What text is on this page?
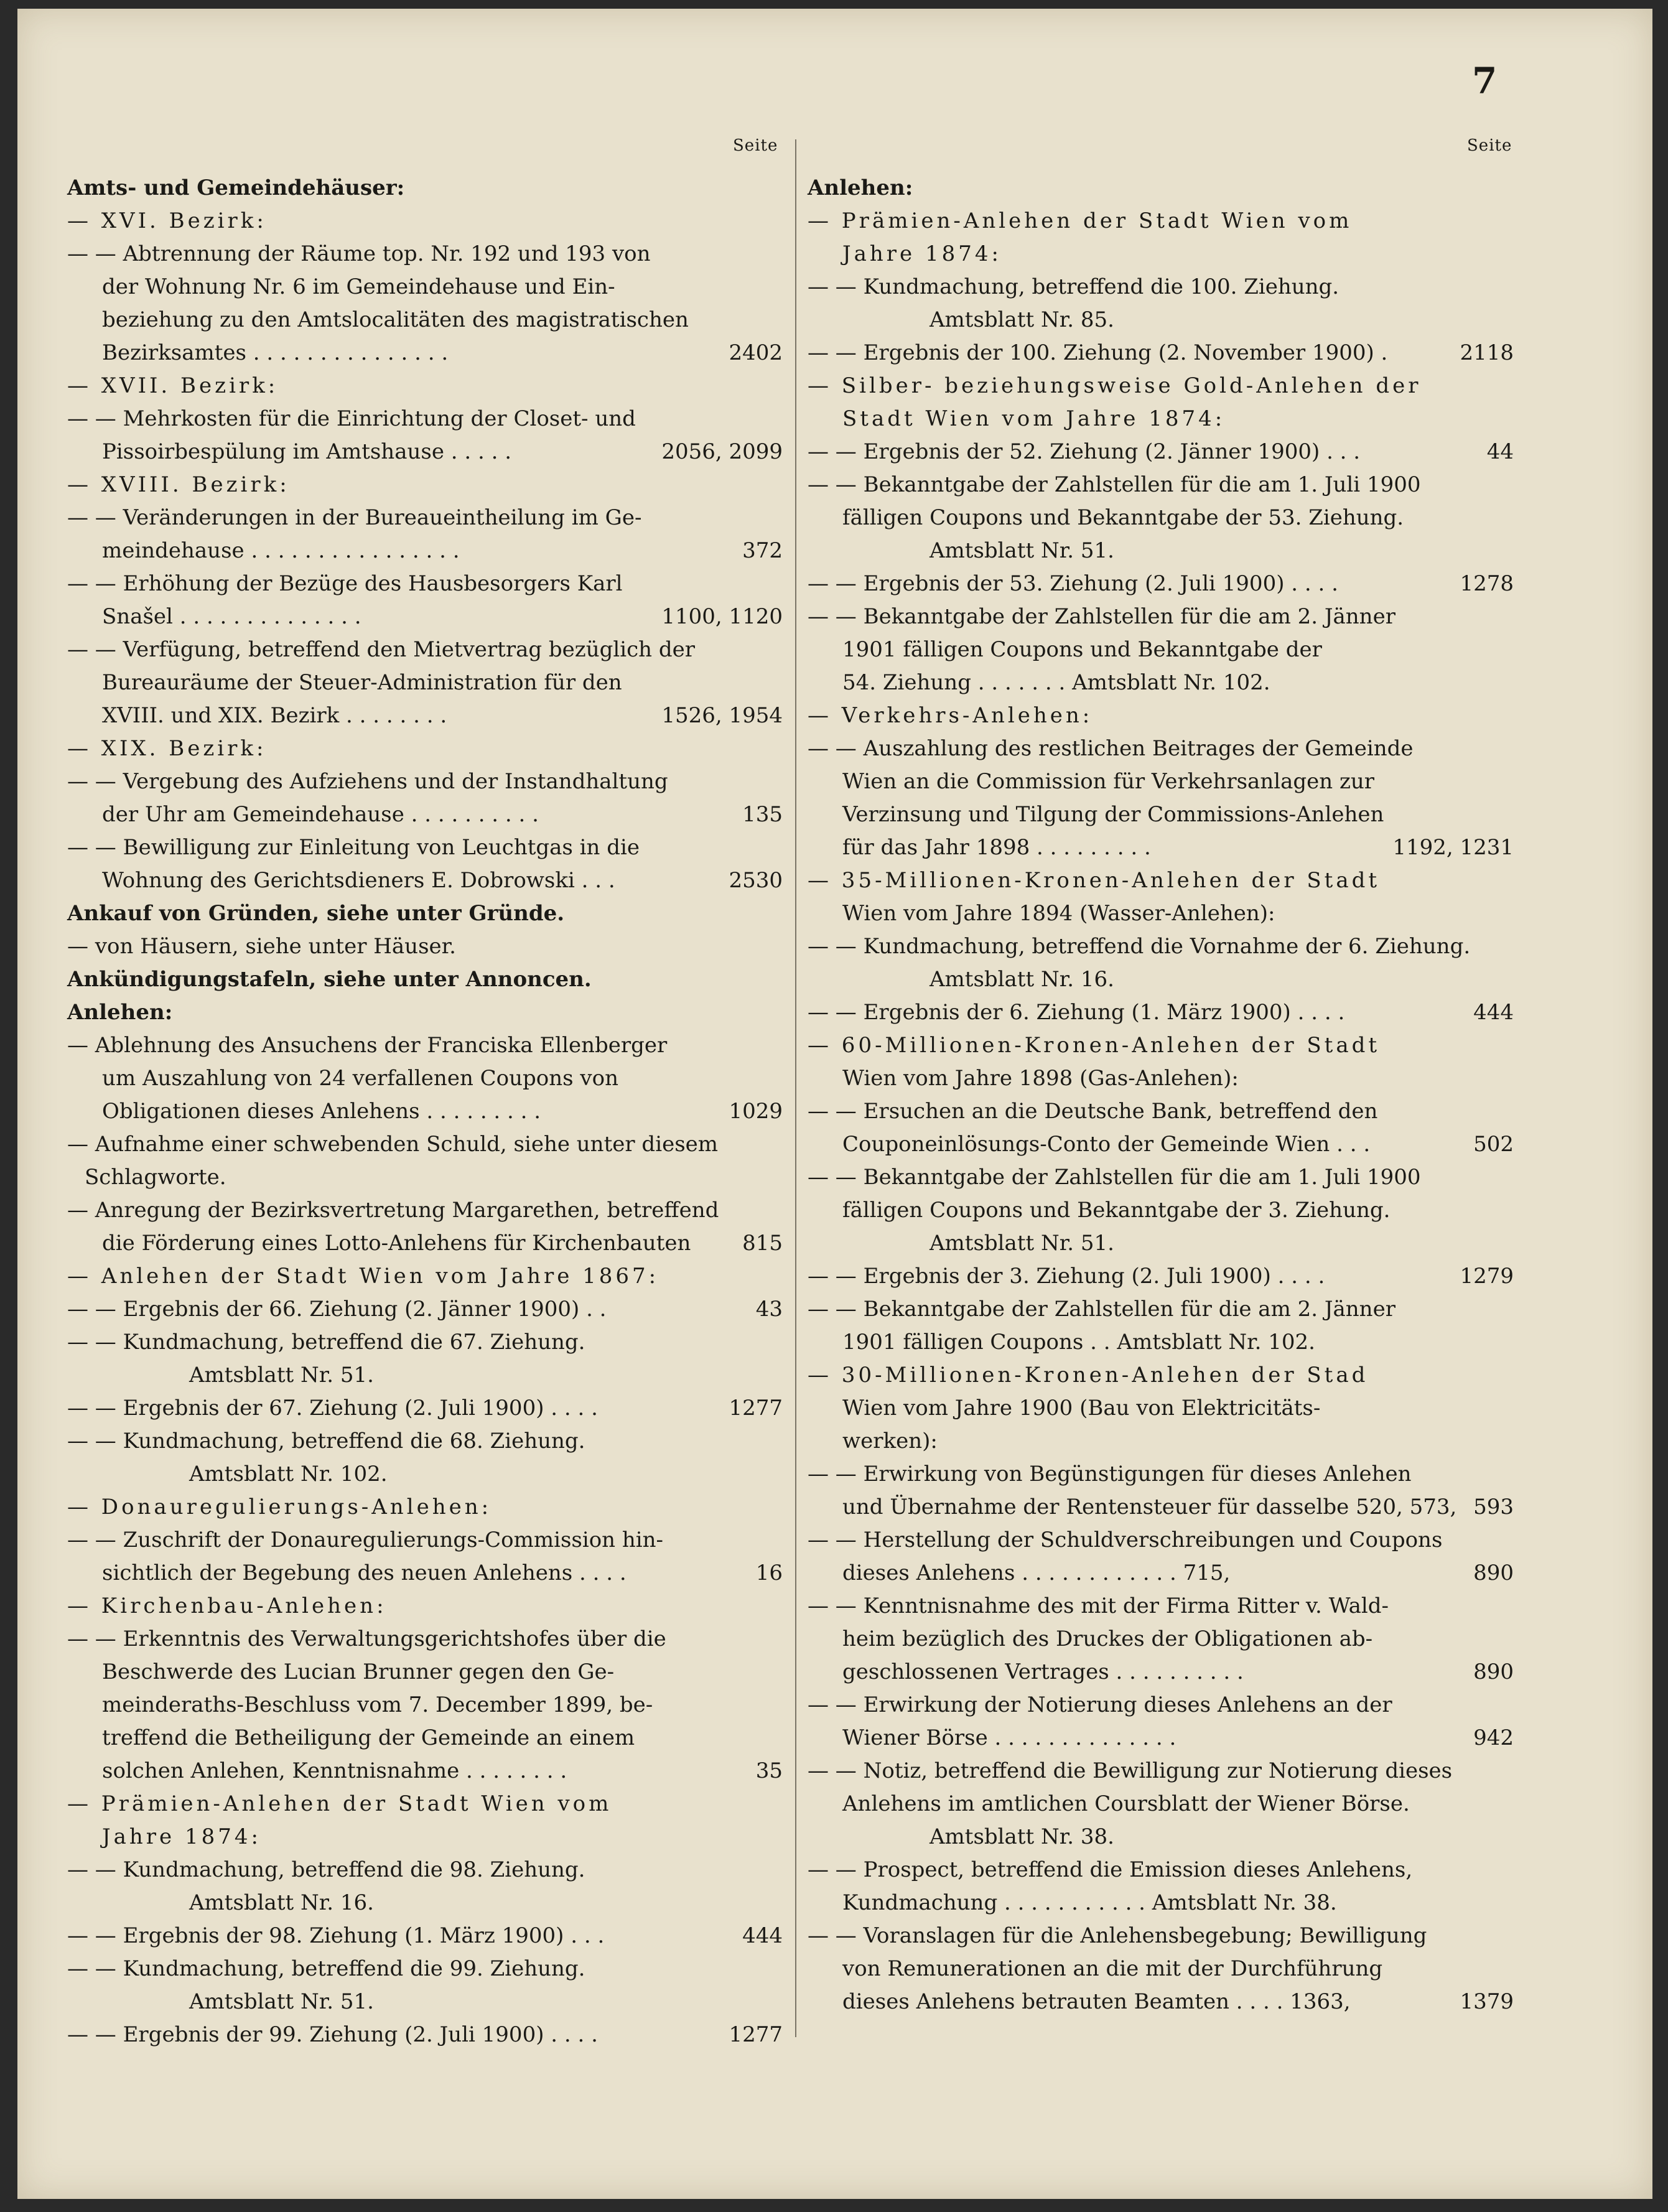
7
Seite	Seite
Amts- und Gemeindehäuser:
— XVI. Bezirk:
— — Abtrennung der Räume top. Nr. 192 und 193 von
der Wohnung Nr. 6 im Gemeindehause und Ein-
beziehung zu den Amtslocalitäten des magistratischen
Bezirksamtes . . . . . . . . . . . . . . .	2402
— XVII. Bezirk:
— — Mehrkosten für die Einrichtung der Closet- und
Pissoirbespülung im Amtshause . . . . .	2056, 2099
— XVIII. Bezirk:
— — Veränderungen in der Bureaueintheilung im Ge-
meindehause . . . . . . . . . . . . . . . .	372
— — Erhöhung der Bezüge des Hausbesorgers Karl
Snašel . . . . . . . . . . . . . .	1100, 1120
— — Verfügung, betreffend den Mietvertrag bezüglich der
Bureauräume der Steuer-Administration für den
XVIII. und XIX. Bezirk . . . . . . . .	1526, 1954
— XIX. Bezirk:
— — Vergebung des Aufziehens und der Instandhaltung
der Uhr am Gemeindehause . . . . . . . . . .	135
— — Bewilligung zur Einleitung von Leuchtgas in die
Wohnung des Gerichtsdieners E. Dobrowski . . .	2530
Ankauf von Gründen, siehe unter Gründe.
— von Häusern, siehe unter Häuser.
Ankündigungstafeln, siehe unter Annoncen.
Anlehen:
— Ablehnung des Ansuchens der Franciska Ellenberger
um Auszahlung von 24 verfallenen Coupons von
Obligationen dieses Anlehens . . . . . . . . .	1029
— Aufnahme einer schwebenden Schuld, siehe unter diesem
Schlagworte.
— Anregung der Bezirksvertretung Margarethen, betreffend
die Förderung eines Lotto-Anlehens für Kirchenbauten	815
— Anlehen der Stadt Wien vom Jahre 1867:
— — Ergebnis der 66. Ziehung (2. Jänner 1900) . .	43
— — Kundmachung, betreffend die 67. Ziehung.
Amtsblatt Nr. 51.
— — Ergebnis der 67. Ziehung (2. Juli 1900) . . . .	1277
— — Kundmachung, betreffend die 68. Ziehung.
Amtsblatt Nr. 102.
— Donauregulierungs-Anlehen:
— — Zuschrift der Donauregulierungs-Commission hin-
sichtlich der Begebung des neuen Anlehens . . . .	16
— Kirchenbau-Anlehen:
— — Erkenntnis des Verwaltungsgerichtshofes über die
Beschwerde des Lucian Brunner gegen den Ge-
meinderaths-Beschluss vom 7. December 1899, be-
treffend die Betheiligung der Gemeinde an einem
solchen Anlehen, Kenntnisnahme . . . . . . . .	35
— Prämien-Anlehen der Stadt Wien vom
Jahre 1874:
— — Kundmachung, betreffend die 98. Ziehung.
Amtsblatt Nr. 16.
— — Ergebnis der 98. Ziehung (1. März 1900) . . .	444
— — Kundmachung, betreffend die 99. Ziehung.
Amtsblatt Nr. 51.
— — Ergebnis der 99. Ziehung (2. Juli 1900) . . . .	1277
Anlehen:
— Prämien-Anlehen der Stadt Wien vom
Jahre 1874:
— — Kundmachung, betreffend die 100. Ziehung.
Amtsblatt Nr. 85.
— — Ergebnis der 100. Ziehung (2. November 1900) .	2118
— Silber- beziehungsweise Gold-Anlehen der
Stadt Wien vom Jahre 1874:
— — Ergebnis der 52. Ziehung (2. Jänner 1900) . . .	44
— — Bekanntgabe der Zahlstellen für die am 1. Juli 1900
fälligen Coupons und Bekanntgabe der 53. Ziehung.
Amtsblatt Nr. 51.
— — Ergebnis der 53. Ziehung (2. Juli 1900) . . . .	1278
— — Bekanntgabe der Zahlstellen für die am 2. Jänner
1901 fälligen Coupons und Bekanntgabe der
54. Ziehung . . . . . . . Amtsblatt Nr. 102.
— Verkehrs-Anlehen:
— — Auszahlung des restlichen Beitrages der Gemeinde
Wien an die Commission für Verkehrsanlagen zur
Verzinsung und Tilgung der Commissions-Anlehen
für das Jahr 1898 . . . . . . . . .	1192, 1231
— 35-Millionen-Kronen-Anlehen der Stadt
Wien vom Jahre 1894 (Wasser-Anlehen):
— — Kundmachung, betreffend die Vornahme der 6. Ziehung.
Amtsblatt Nr. 16.
— — Ergebnis der 6. Ziehung (1. März 1900) . . . .	444
— 60-Millionen-Kronen-Anlehen der Stadt
Wien vom Jahre 1898 (Gas-Anlehen):
— — Ersuchen an die Deutsche Bank, betreffend den
Couponeinlösungs-Conto der Gemeinde Wien . . .	502
— — Bekanntgabe der Zahlstellen für die am 1. Juli 1900
fälligen Coupons und Bekanntgabe der 3. Ziehung.
Amtsblatt Nr. 51.
— — Ergebnis der 3. Ziehung (2. Juli 1900) . . . .	1279
— — Bekanntgabe der Zahlstellen für die am 2. Jänner
1901 fälligen Coupons . . Amtsblatt Nr. 102.
— 30-Millionen-Kronen-Anlehen der Stad
Wien vom Jahre 1900 (Bau von Elektricitäts-
werken):
— — Erwirkung von Begünstigungen für dieses Anlehen
und Übernahme der Rentensteuer für dasselbe 520, 573, 593
— — Herstellung der Schuldverschreibungen und Coupons
dieses Anlehens . . . . . . . . . . . . 715,	890
— — Kenntnisnahme des mit der Firma Ritter v. Wald-
heim bezüglich des Druckes der Obligationen ab-
geschlossenen Vertrages . . . . . . . . . .	890
— — Erwirkung der Notierung dieses Anlehens an der
Wiener Börse . . . . . . . . . . . . . .	942
— — Notiz, betreffend die Bewilligung zur Notierung dieses
Anlehens im amtlichen Coursblatt der Wiener Börse.
Amtsblatt Nr. 38.
— — Prospect, betreffend die Emission dieses Anlehens,
Kundmachung . . . . . . . . . . . Amtsblatt Nr. 38.
— — Voranslagen für die Anlehensbegebung; Bewilligung
von Remunerationen an die mit der Durchführung
dieses Anlehens betrauten Beamten . . . . 1363,	1379
